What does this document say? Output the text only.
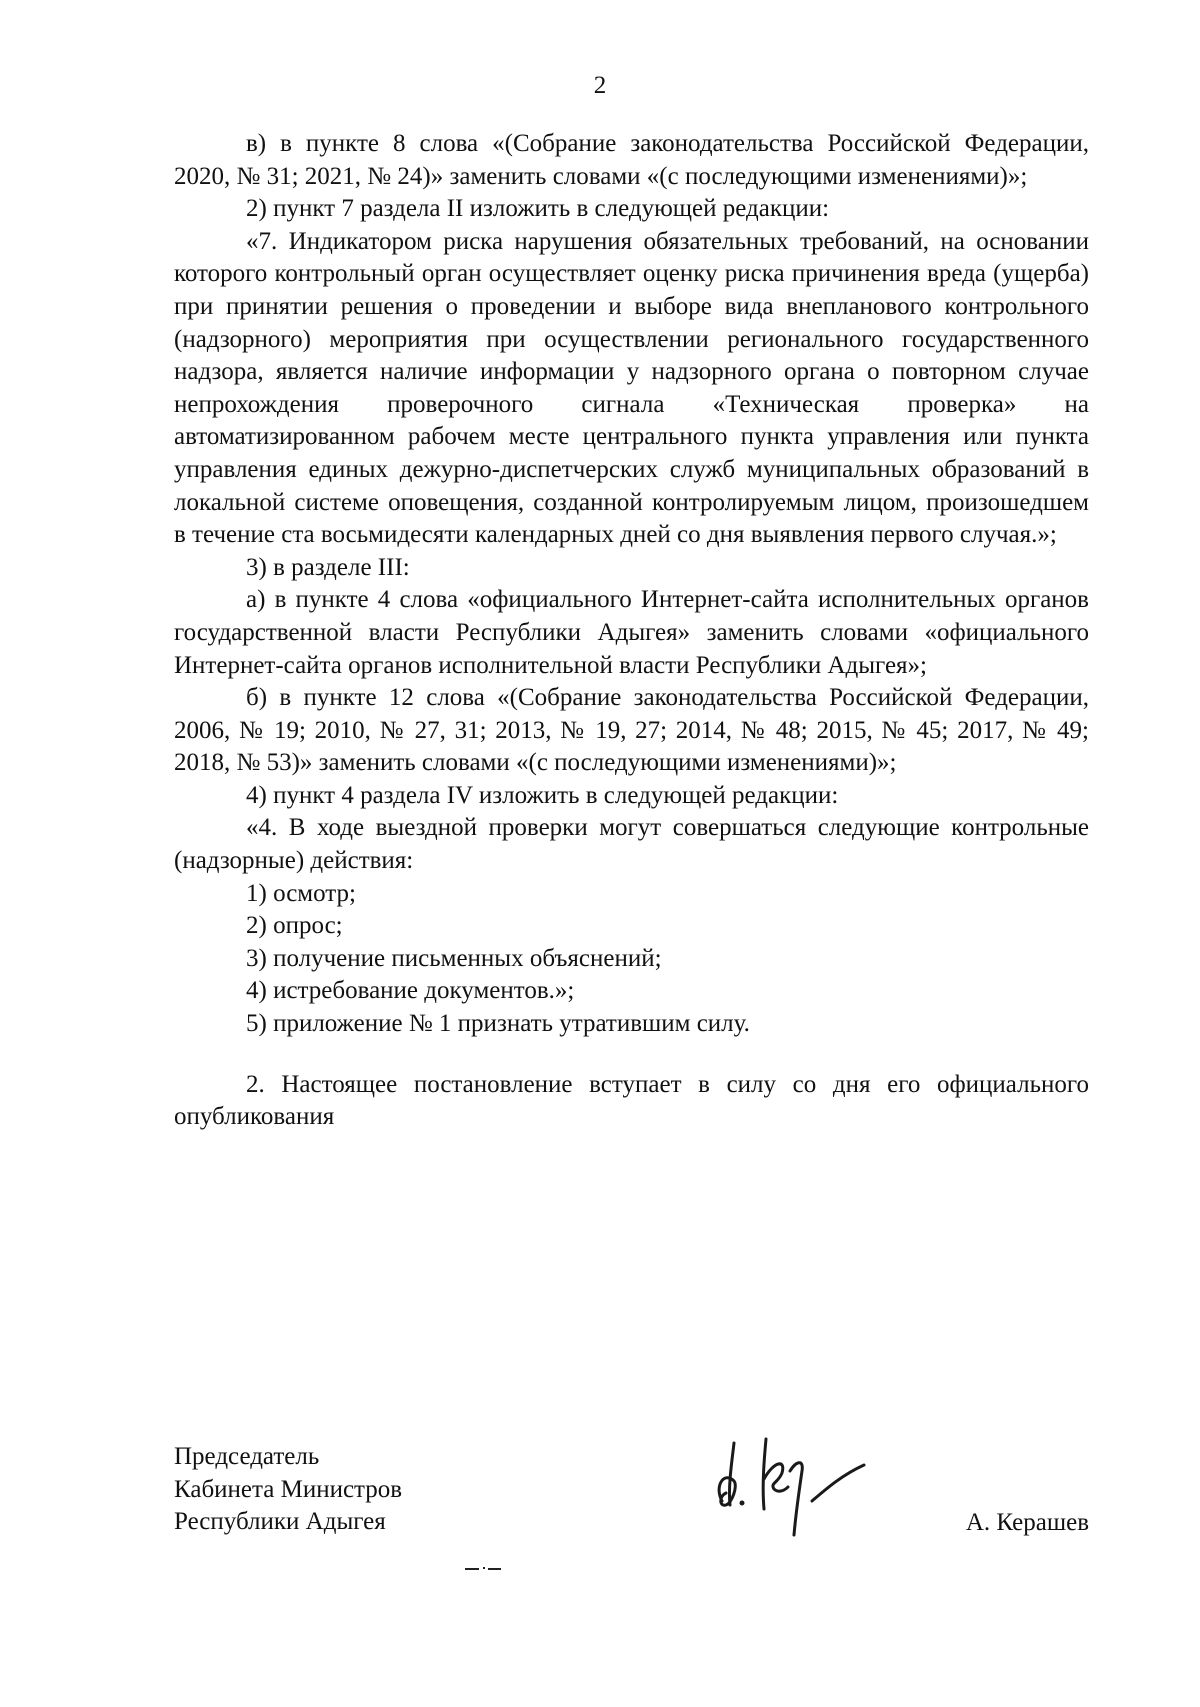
2

в) в пункте 8 слова «(Собрание законодательства Российской Федерации, 2020, № 31; 2021, № 24)» заменить словами «(с последующими изменениями)»;

2) пункт 7 раздела II изложить в следующей редакции:

«7. Индикатором риска нарушения обязательных требований, на основании которого контрольный орган осуществляет оценку риска причинения вреда (ущерба) при принятии решения о проведении и выборе вида внепланового контрольного (надзорного) мероприятия при осуществлении регионального государственного надзора, является наличие информации у надзорного органа о повторном случае непрохождения проверочного сигнала «Техническая проверка» на автоматизированном рабочем месте центрального пункта управления или пункта управления единых дежурно-диспетчерских служб муниципальных образований в локальной системе оповещения, созданной контролируемым лицом, произошедшем в течение ста восьмидесяти календарных дней со дня выявления первого случая.»;

3) в разделе III:

а) в пункте 4 слова «официального Интернет-сайта исполнительных органов государственной власти Республики Адыгея» заменить словами «официального Интернет-сайта органов исполнительной власти Республики Адыгея»;

б) в пункте 12 слова «(Собрание законодательства Российской Федерации, 2006, № 19; 2010, № 27, 31; 2013, № 19, 27; 2014, № 48; 2015, № 45; 2017, № 49; 2018, № 53)» заменить словами «(с последующими изменениями)»;

4) пункт 4 раздела IV изложить в следующей редакции:

«4. В ходе выездной проверки могут совершаться следующие контрольные (надзорные) действия:

1) осмотр;

2) опрос;

3) получение письменных объяснений;

4) истребование документов.»;

5) приложение № 1 признать утратившим силу.

2. Настоящее постановление вступает в силу со дня его официального опубликования

Председатель
Кабинета Министров
Республики Адыгея	А. Керашев
